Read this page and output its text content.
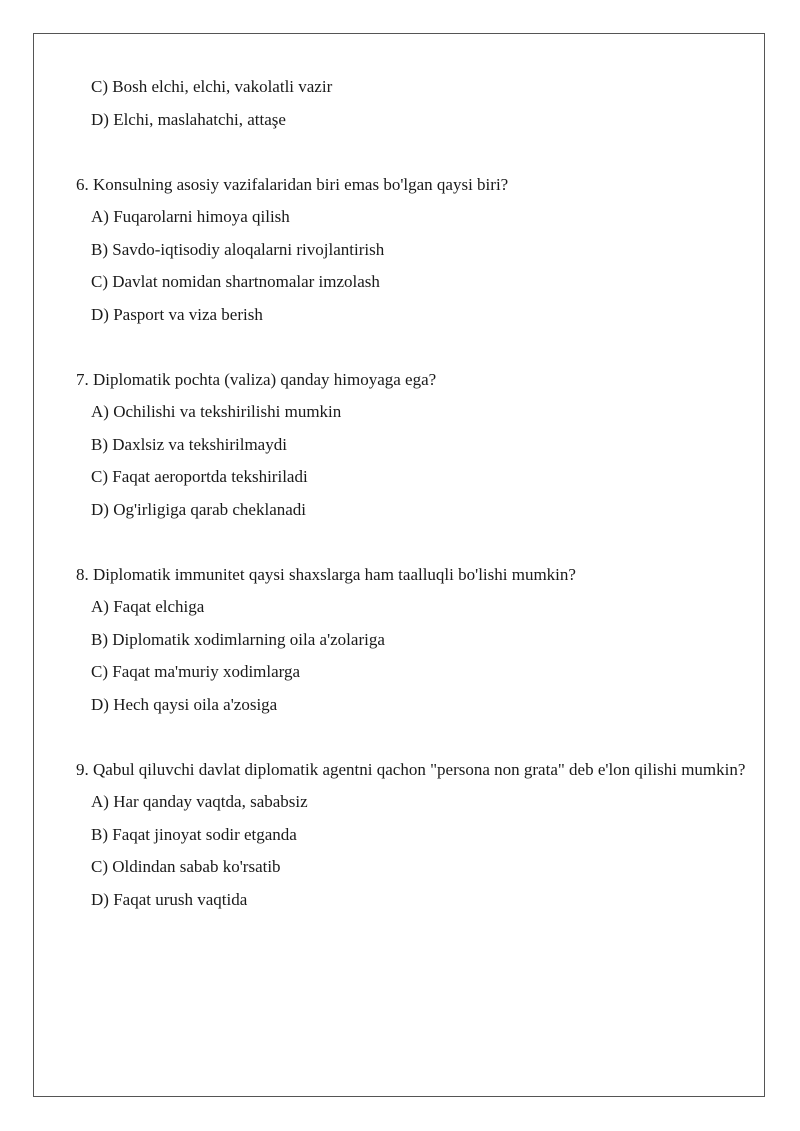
C) Bosh elchi, elchi, vakolatli vazir
D) Elchi, maslahatchi, attaşe
6. Konsulning asosiy vazifalaridan biri emas bo'lgan qaysi biri?
A) Fuqarolarni himoya qilish
B) Savdo-iqtisodiy aloqalarni rivojlantirish
C) Davlat nomidan shartnomalar imzolash
D) Pasport va viza berish
7. Diplomatik pochta (valiza) qanday himoyaga ega?
A) Ochilishi va tekshirilishi mumkin
B) Daxlsiz va tekshirilmaydi
C) Faqat aeroportda tekshiriladi
D) Og'irligiga qarab cheklanadi
8. Diplomatik immunitet qaysi shaxslarga ham taalluqli bo'lishi mumkin?
A) Faqat elchiga
B) Diplomatik xodimlarning oila a'zolariga
C) Faqat ma'muriy xodimlarga
D) Hech qaysi oila a'zosiga
9. Qabul qiluvchi davlat diplomatik agentni qachon "persona non grata" deb e'lon qilishi mumkin?
A) Har qanday vaqtda, sababsiz
B) Faqat jinoyat sodir etganda
C) Oldindan sabab ko'rsatib
D) Faqat urush vaqtida
